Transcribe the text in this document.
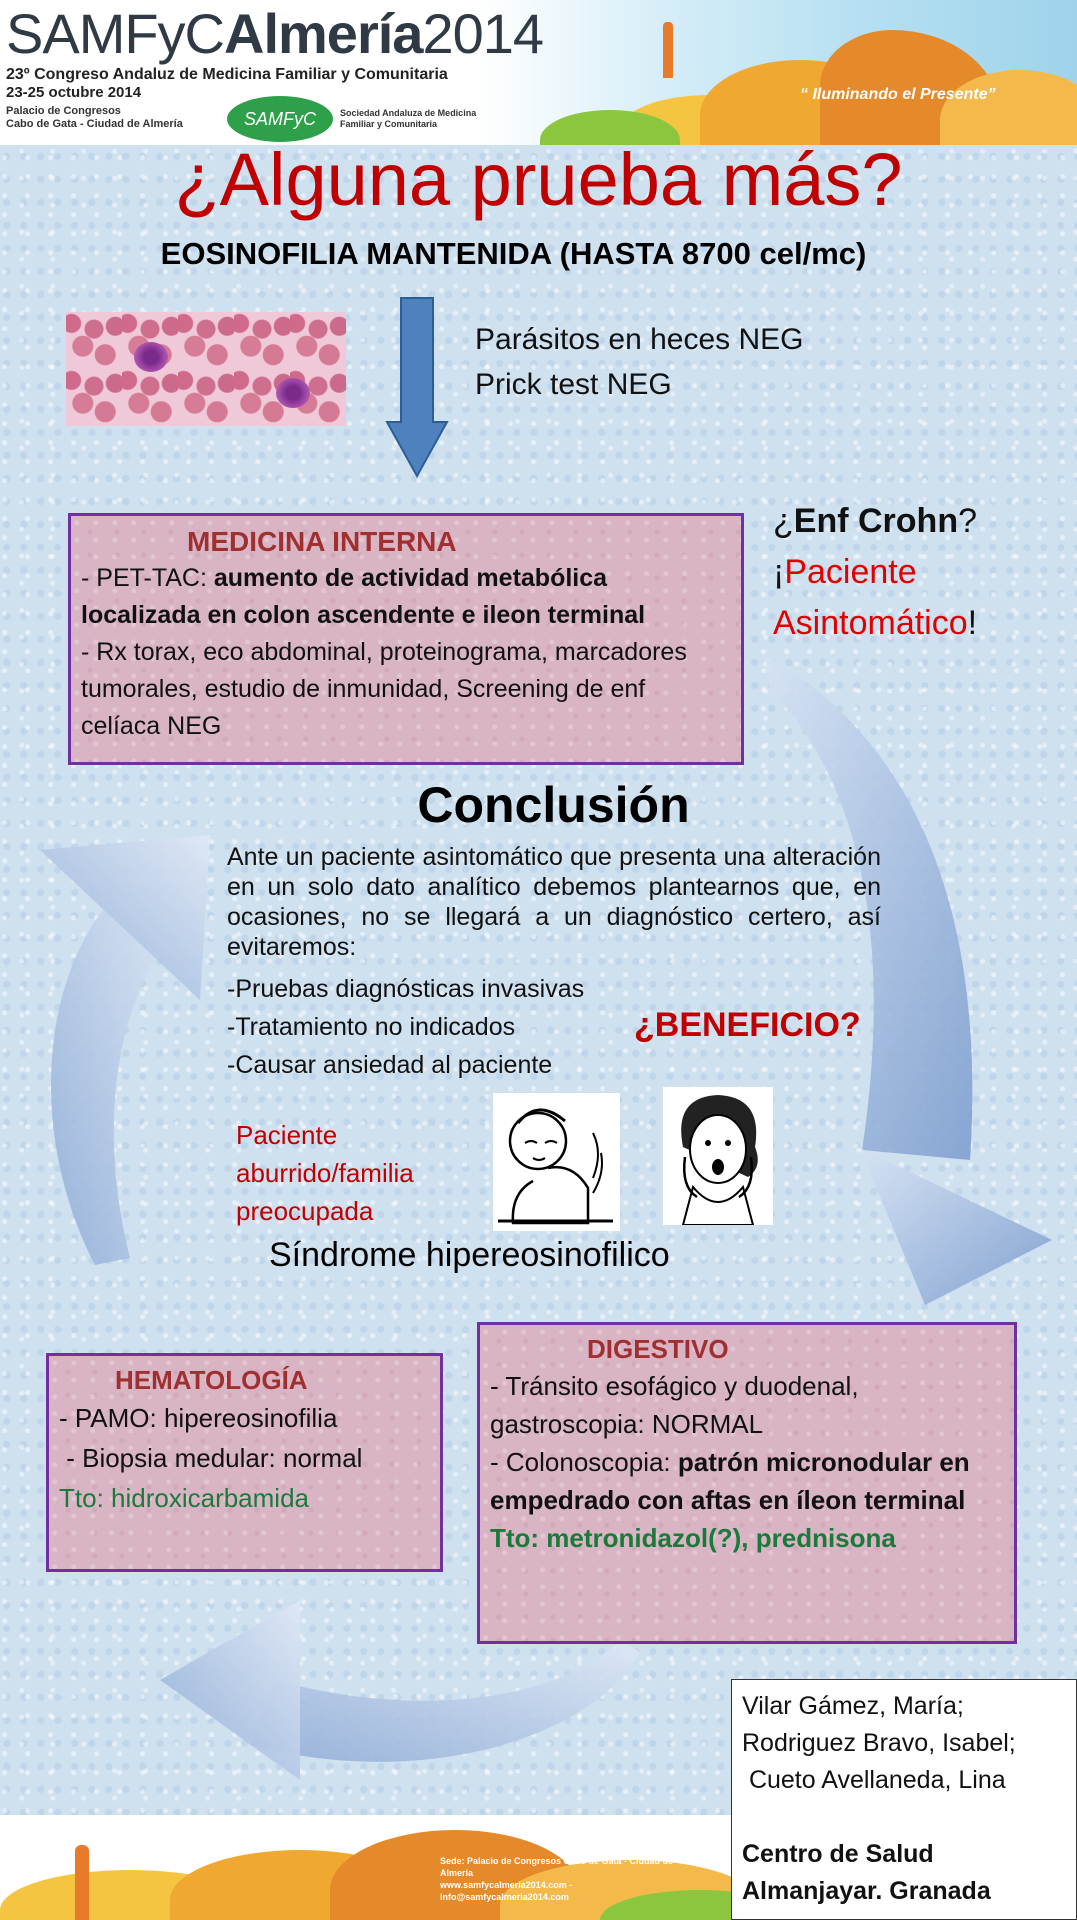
SAMFyCAlmería2014
23º Congreso Andaluz de Medicina Familiar y Comunitaria
23-25 octubre 2014
Palacio de Congresos
Cabo de Gata - Ciudad de Almería	SAMFyC	Sociedad Andaluza de Medicina
Familiar y Comunitaria
“ Iluminando el Presente”
¿Alguna prueba más?
EOSINOFILIA MANTENIDA (HASTA 8700 cel/mc)
Parásitos en heces NEG
Prick test NEG
MEDICINA INTERNA
- PET-TAC: aumento de actividad metabólica localizada en colon ascendente e ileon terminal
- Rx torax, eco abdominal, proteinograma, marcadores tumorales, estudio de inmunidad, Screening de enf celíaca NEG
¿Enf Crohn?
¡Paciente
Asintomático!
Conclusión
Ante un paciente asintomático que presenta una alteración en un solo dato analítico debemos plantearnos que, en ocasiones, no se llegará a un diagnóstico certero, así evitaremos:
-Pruebas diagnósticas invasivas
-Tratamiento no indicados
-Causar ansiedad al paciente
¿BENEFICIO?
Paciente
aburrido/familia
preocupada
Síndrome hipereosinofilico
HEMATOLOGÍA
- PAMO: hipereosinofilia
- Biopsia medular: normal
Tto: hidroxicarbamida
DIGESTIVO
- Tránsito esofágico y duodenal, gastroscopia: NORMAL
- Colonoscopia: patrón micronodular en empedrado con aftas en íleon terminal
Tto: metronidazol(?), prednisona
Vilar Gámez, María;
Rodriguez Bravo, Isabel;
Cueto Avellaneda, Lina
Centro de Salud
Almanjayar. Granada
Sede: Palacio de Congresos Cabo de Gata - Ciudad de Almería
www.samfycalmeria2014.com - info@samfycalmeria2014.com
